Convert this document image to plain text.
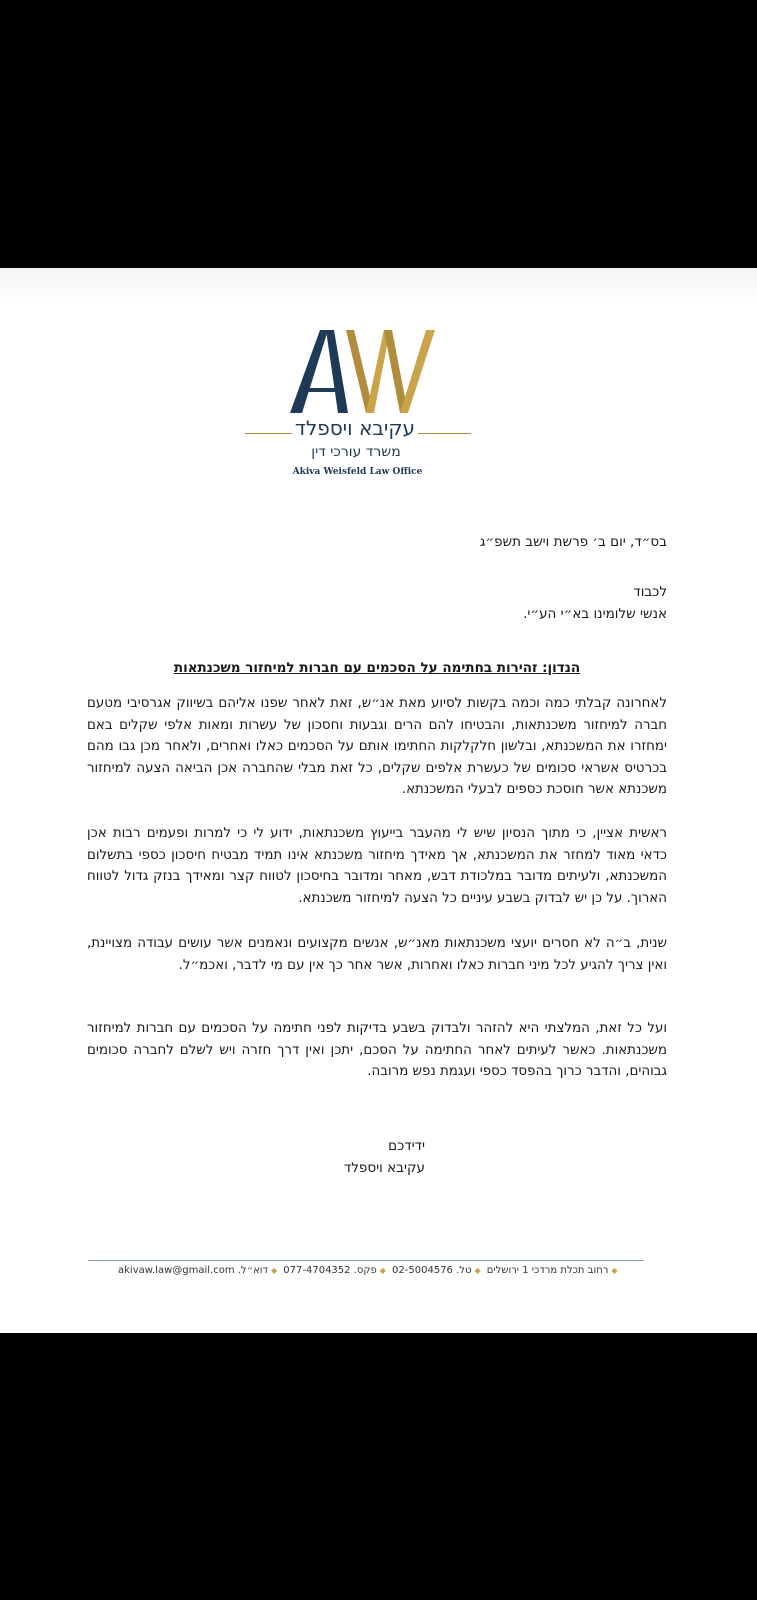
עקיבא ויספלד
משרד עורכי דין
Akiva Weisfeld Law Office
בס״ד, יום ב׳ פרשת וישב תשפ״ג
לכבוד
אנשי שלומינו בא״י הע״י.
הנדון: זהירות בחתימה על הסכמים עם חברות למיחזור משכנתאות

לאחרונה קבלתי כמה וכמה בקשות לסיוע מאת אנ״ש, זאת לאחר שפנו אליהם בשיווק אגרסיבי מטעם חברה למיחזור משכנתאות, והבטיחו להם הרים וגבעות וחסכון של עשרות ומאות אלפי שקלים באם ימחזרו את המשכנתא, ובלשון חלקלקות החתימו אותם על הסכמים כאלו ואחרים, ולאחר מכן גבו מהם בכרטיס אשראי סכומים של כעשרת אלפים שקלים, כל זאת מבלי שהחברה אכן הביאה הצעה למיחזור משכנתא אשר חוסכת כספים לבעלי המשכנתא.

ראשית אציין, כי מתוך הנסיון שיש לי מהעבר בייעוץ משכנתאות, ידוע לי כי למרות ופעמים רבות אכן כדאי מאוד למחזר את המשכנתא, אך מאידך מיחזור משכנתא אינו תמיד מבטיח חיסכון כספי בתשלום המשכנתא, ולעיתים מדובר במלכודת דבש, מאחר ומדובר בחיסכון לטווח קצר ומאידך בנזק גדול לטווח הארוך. על כן יש לבדוק בשבע עיניים כל הצעה למיחזור משכנתא.

שנית, ב״ה לא חסרים יועצי משכנתאות מאנ״ש, אנשים מקצועים ונאמנים אשר עושים עבודה מצויינת, ואין צריך להגיע לכל מיני חברות כאלו ואחרות, אשר אחר כך אין עם מי לדבר, ואכמ״ל.

ועל כל זאת, המלצתי היא להזהר ולבדוק בשבע בדיקות לפני חתימה על הסכמים עם חברות למיחזור משכנתאות. כאשר לעיתים לאחר החתימה על הסכם, יתכן ואין דרך חזרה ויש לשלם לחברה סכומים גבוהים, והדבר כרוך בהפסד כספי ועגמת נפש מרובה.

ידידכם
עקיבא ויספלד
◆רחוב תכלת מרדכי 1 ירושלים ◆טל. 02-5004576 ◆פקס. 077-4704352 ◆דוא״ל. akivaw.law@gmail.com
